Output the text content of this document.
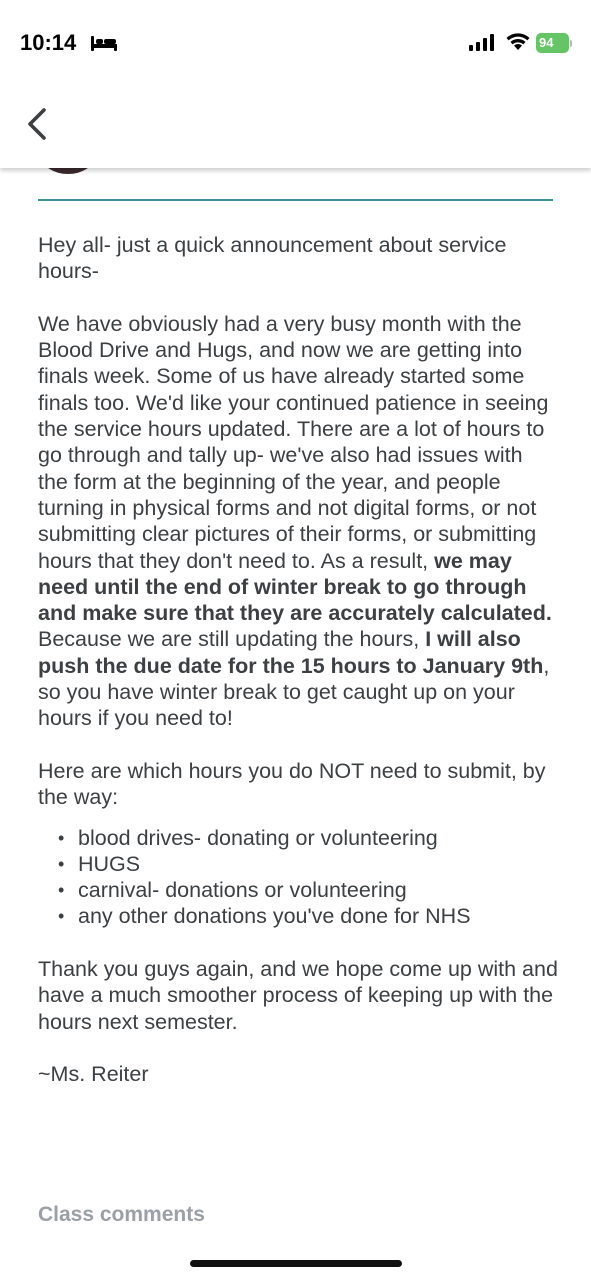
10:14	94

Hey all- just a quick announcement about service hours-

We have obviously had a very busy month with the Blood Drive and Hugs, and now we are getting into finals week. Some of us have already started some finals too. We'd like your continued patience in seeing the service hours updated. There are a lot of hours to go through and tally up- we've also had issues with the form at the beginning of the year, and people turning in physical forms and not digital forms, or not submitting clear pictures of their forms, or submitting hours that they don't need to. As a result, we may need until the end of winter break to go through and make sure that they are accurately calculated. Because we are still updating the hours, I will also push the due date for the 15 hours to January 9th, so you have winter break to get caught up on your hours if you need to!

Here are which hours you do NOT need to submit, by the way:

• blood drives- donating or volunteering
• HUGS
• carnival- donations or volunteering
• any other donations you've done for NHS

Thank you guys again, and we hope come up with and have a much smoother process of keeping up with the hours next semester.

~Ms. Reiter

Class comments
